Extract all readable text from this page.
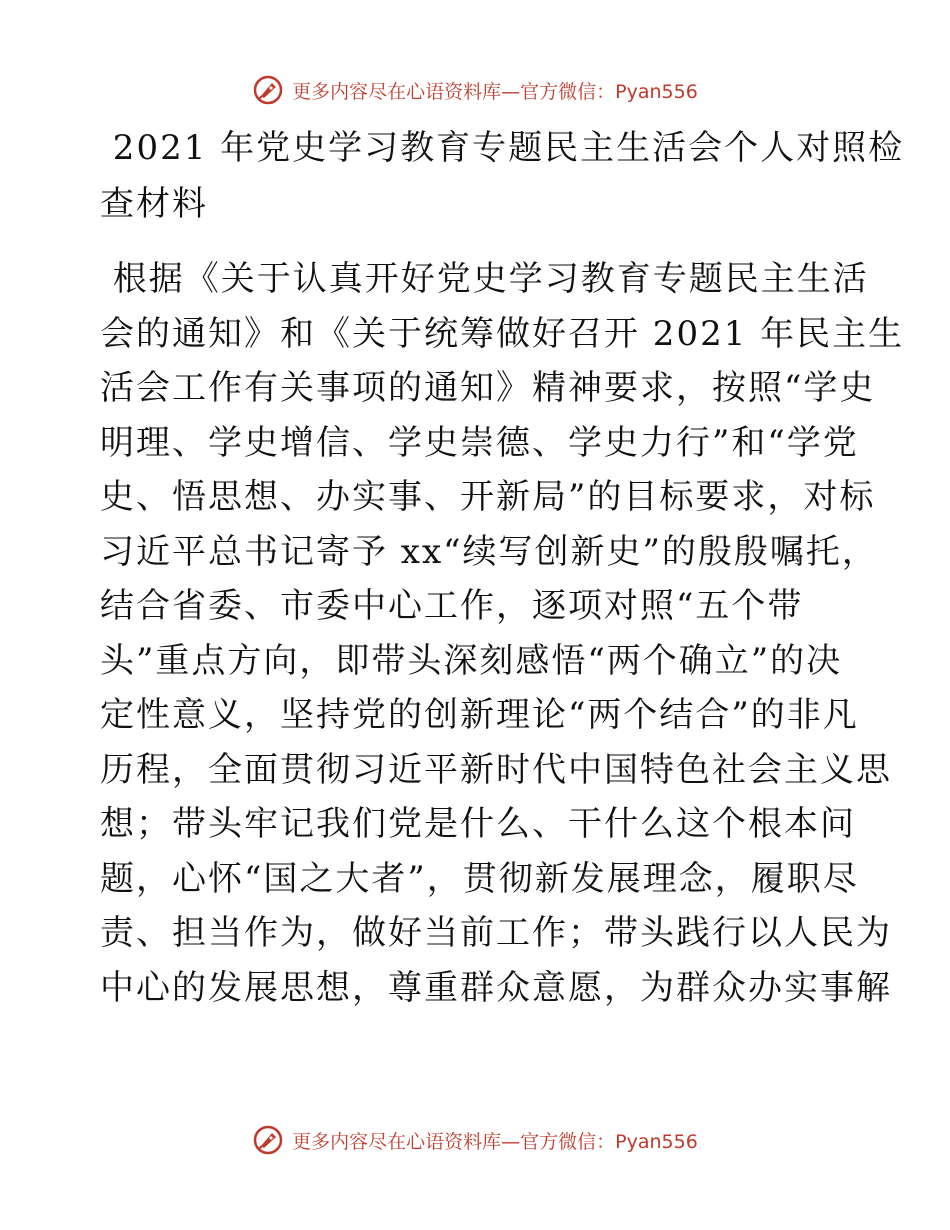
更多内容尽在心语资料库—官方微信：Pyan556
2021 年党史学习教育专题民主生活会个人对照检
查材料

根据《关于认真开好党史学习教育专题民主生活
会的通知》和《关于统筹做好召开 2021 年民主生
活会工作有关事项的通知》精神要求，按照“学史
明理、学史增信、学史崇德、学史力行”和“学党
史、悟思想、办实事、开新局”的目标要求，对标
习近平总书记寄予 xx“续写创新史”的殷殷嘱托，
结合省委、市委中心工作，逐项对照“五个带
头”重点方向，即带头深刻感悟“两个确立”的决
定性意义，坚持党的创新理论“两个结合”的非凡
历程，全面贯彻习近平新时代中国特色社会主义思
想；带头牢记我们党是什么、干什么这个根本问
题，心怀“国之大者”，贯彻新发展理念，履职尽
责、担当作为，做好当前工作；带头践行以人民为
中心的发展思想，尊重群众意愿，为群众办实事解

更多内容尽在心语资料库—官方微信：Pyan556
